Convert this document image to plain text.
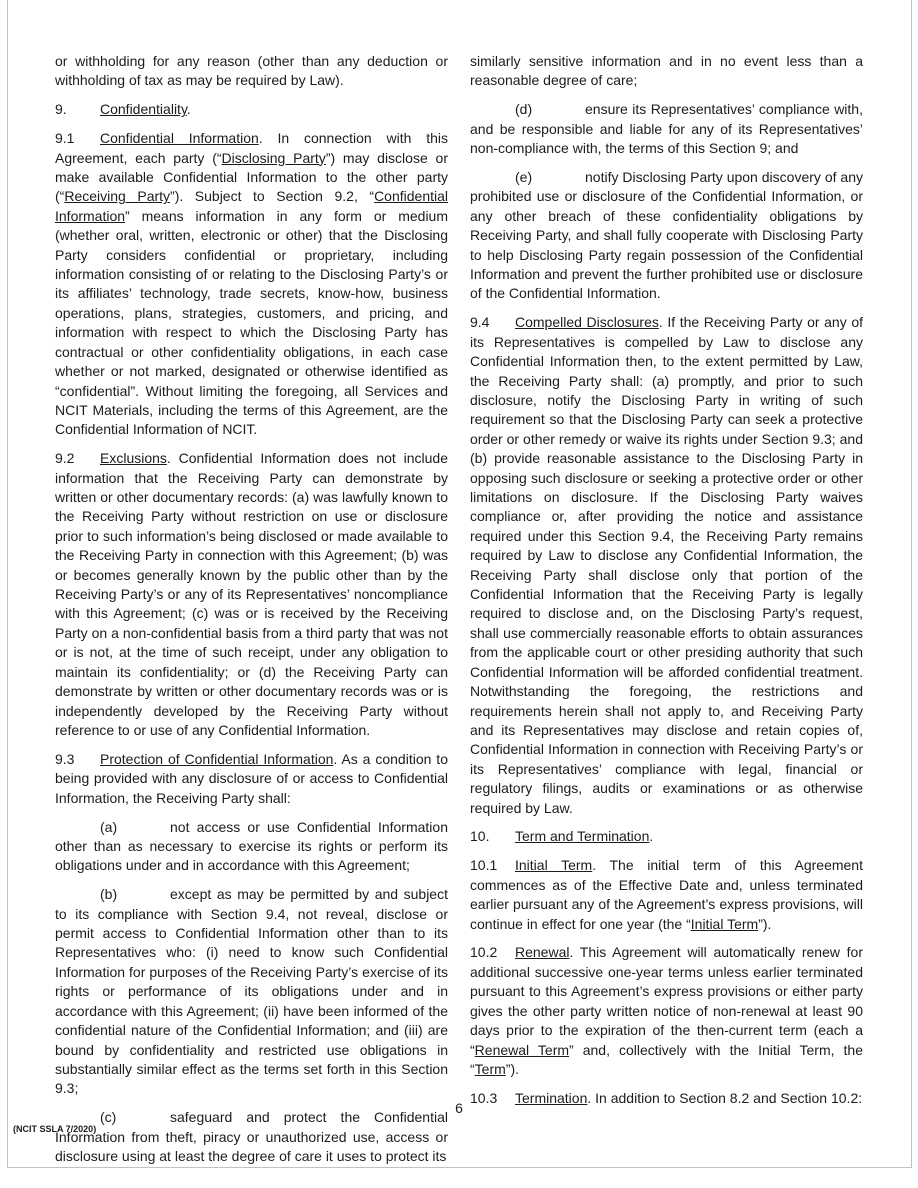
or withholding for any reason (other than any deduction or withholding of tax as may be required by Law).

9. Confidentiality.

9.1 Confidential Information. In connection with this Agreement, each party (“Disclosing Party”) may disclose or make available Confidential Information to the other party (“Receiving Party”). Subject to Section 9.2, “Confidential Information” means information in any form or medium (whether oral, written, electronic or other) that the Disclosing Party considers confidential or proprietary, including information consisting of or relating to the Disclosing Party’s or its affiliates’ technology, trade secrets, know-how, business operations, plans, strategies, customers, and pricing, and information with respect to which the Disclosing Party has contractual or other confidentiality obligations, in each case whether or not marked, designated or otherwise identified as “confidential”. Without limiting the foregoing, all Services and NCIT Materials, including the terms of this Agreement, are the Confidential Information of NCIT.

9.2 Exclusions. Confidential Information does not include information that the Receiving Party can demonstrate by written or other documentary records: (a) was lawfully known to the Receiving Party without restriction on use or disclosure prior to such information’s being disclosed or made available to the Receiving Party in connection with this Agreement; (b) was or becomes generally known by the public other than by the Receiving Party’s or any of its Representatives’ noncompliance with this Agreement; (c) was or is received by the Receiving Party on a non-confidential basis from a third party that was not or is not, at the time of such receipt, under any obligation to maintain its confidentiality; or (d) the Receiving Party can demonstrate by written or other documentary records was or is independently developed by the Receiving Party without reference to or use of any Confidential Information.

9.3 Protection of Confidential Information. As a condition to being provided with any disclosure of or access to Confidential Information, the Receiving Party shall:

(a)	not access or use Confidential Information other than as necessary to exercise its rights or perform its obligations under and in accordance with this Agreement;

(b)	except as may be permitted by and subject to its compliance with Section 9.4, not reveal, disclose or permit access to Confidential Information other than to its Representatives who: (i) need to know such Confidential Information for purposes of the Receiving Party’s exercise of its rights or performance of its obligations under and in accordance with this Agreement; (ii) have been informed of the confidential nature of the Confidential Information; and (iii) are bound by confidentiality and restricted use obligations in substantially similar effect as the terms set forth in this Section 9.3;

(c)	safeguard and protect the Confidential Information from theft, piracy or unauthorized use, access or disclosure using at least the degree of care it uses to protect its

similarly sensitive information and in no event less than a reasonable degree of care;

(d)	ensure its Representatives’ compliance with, and be responsible and liable for any of its Representatives’ non-compliance with, the terms of this Section 9; and

(e)	notify Disclosing Party upon discovery of any prohibited use or disclosure of the Confidential Information, or any other breach of these confidentiality obligations by Receiving Party, and shall fully cooperate with Disclosing Party to help Disclosing Party regain possession of the Confidential Information and prevent the further prohibited use or disclosure of the Confidential Information.

9.4 Compelled Disclosures. If the Receiving Party or any of its Representatives is compelled by Law to disclose any Confidential Information then, to the extent permitted by Law, the Receiving Party shall: (a) promptly, and prior to such disclosure, notify the Disclosing Party in writing of such requirement so that the Disclosing Party can seek a protective order or other remedy or waive its rights under Section 9.3; and (b) provide reasonable assistance to the Disclosing Party in opposing such disclosure or seeking a protective order or other limitations on disclosure. If the Disclosing Party waives compliance or, after providing the notice and assistance required under this Section 9.4, the Receiving Party remains required by Law to disclose any Confidential Information, the Receiving Party shall disclose only that portion of the Confidential Information that the Receiving Party is legally required to disclose and, on the Disclosing Party’s request, shall use commercially reasonable efforts to obtain assurances from the applicable court or other presiding authority that such Confidential Information will be afforded confidential treatment. Notwithstanding the foregoing, the restrictions and requirements herein shall not apply to, and Receiving Party and its Representatives may disclose and retain copies of, Confidential Information in connection with Receiving Party’s or its Representatives’ compliance with legal, financial or regulatory filings, audits or examinations or as otherwise required by Law.

10. Term and Termination.

10.1 Initial Term. The initial term of this Agreement commences as of the Effective Date and, unless terminated earlier pursuant any of the Agreement’s express provisions, will continue in effect for one year (the “Initial Term”).

10.2 Renewal. This Agreement will automatically renew for additional successive one-year terms unless earlier terminated pursuant to this Agreement’s express provisions or either party gives the other party written notice of non-renewal at least 90 days prior to the expiration of the then-current term (each a “Renewal Term” and, collectively with the Initial Term, the “Term”).

10.3 Termination. In addition to Section 8.2 and Section 10.2:

6
(NCIT SSLA 7/2020)
